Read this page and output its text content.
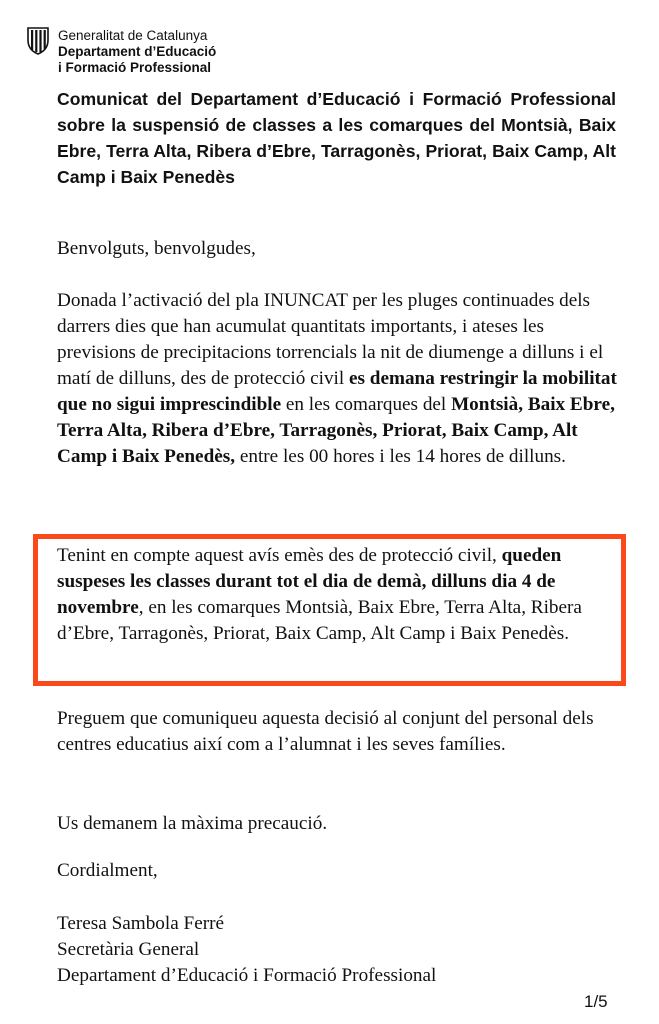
Generalitat de Catalunya
Departament d’Educació
i Formació Professional
Comunicat del Departament d’Educació i Formació Professional sobre la suspensió de classes a les comarques del Montsià, Baix Ebre, Terra Alta, Ribera d’Ebre, Tarragonès, Priorat, Baix Camp, Alt Camp i Baix Penedès

Benvolguts, benvolgudes,

Donada l’activació del pla INUNCAT per les pluges continuades dels darrers dies que han acumulat quantitats importants, i ateses les previsions de precipitacions torrencials la nit de diumenge a dilluns i el matí de dilluns, des de protecció civil es demana restringir la mobilitat que no sigui imprescindible en les comarques del Montsià, Baix Ebre, Terra Alta, Ribera d’Ebre, Tarragonès, Priorat, Baix Camp, Alt Camp i Baix Penedès, entre les 00 hores i les 14 hores de dilluns.

Tenint en compte aquest avís emès des de protecció civil, queden suspeses les classes durant tot el dia de demà, dilluns dia 4 de novembre, en les comarques Montsià, Baix Ebre, Terra Alta, Ribera d’Ebre, Tarragonès, Priorat, Baix Camp, Alt Camp i Baix Penedès.

Preguem que comuniqueu aquesta decisió al conjunt del personal dels centres educatius així com a l’alumnat i les seves famílies.

Us demanem la màxima precaució.

Cordialment,

Teresa Sambola Ferré
Secretària General
Departament d’Educació i Formació Professional
1/5
